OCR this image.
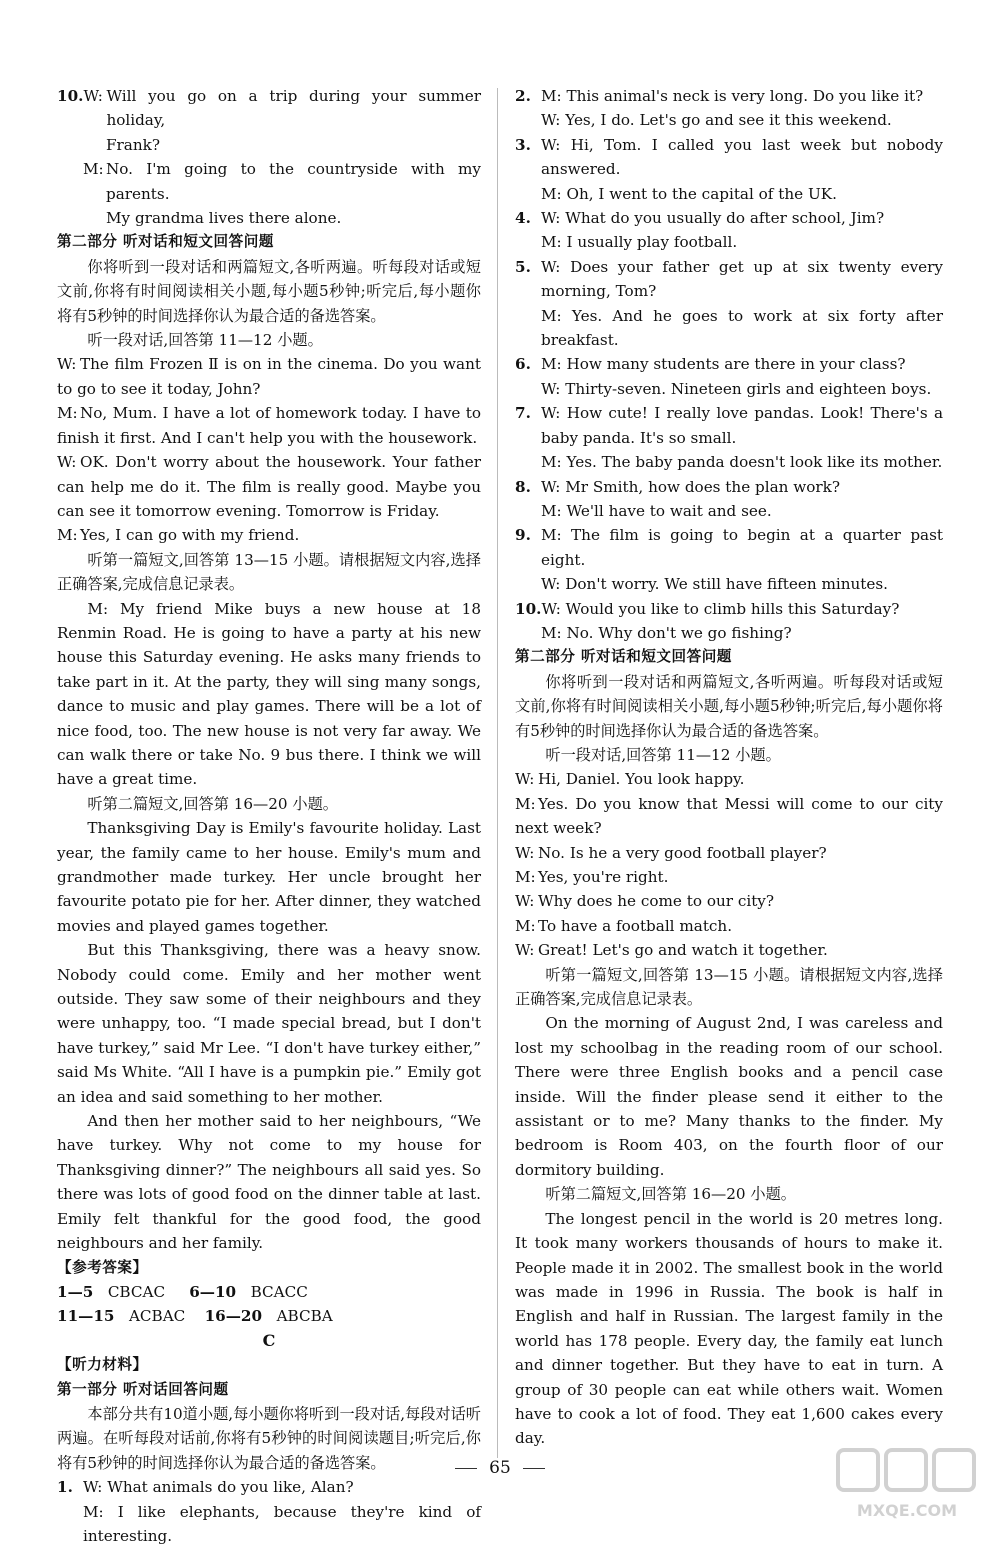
10. W: Will you go on a trip during your summer holiday,
Frank?
M: No. I'm going to the countryside with my parents.
My grandma lives there alone.
第二部分 听对话和短文回答问题
你将听到一段对话和两篇短文,各听两遍。听每段对话或短文前,你将有时间阅读相关小题,每小题5秒钟;听完后,每小题你将有5秒钟的时间选择你认为最合适的备选答案。
听一段对话,回答第 11—12 小题。
W: The film Frozen Ⅱ is on in the cinema. Do you want to go to see it today, John?
M: No, Mum. I have a lot of homework today. I have to finish it first. And I can't help you with the housework.
W: OK. Don't worry about the housework. Your father can help me do it. The film is really good. Maybe you can see it tomorrow evening. Tomorrow is Friday.
M: Yes, I can go with my friend.
听第一篇短文,回答第 13—15 小题。请根据短文内容,选择正确答案,完成信息记录表。
M: My friend Mike buys a new house at 18 Renmin Road. He is going to have a party at his new house this Saturday evening. He asks many friends to take part in it. At the party, they will sing many songs, dance to music and play games. There will be a lot of nice food, too. The new house is not very far away. We can walk there or take No. 9 bus there. I think we will have a great time.
听第二篇短文,回答第 16—20 小题。
Thanksgiving Day is Emily's favourite holiday. Last year, the family came to her house. Emily's mum and grandmother made turkey. Her uncle brought her favourite potato pie for her. After dinner, they watched movies and played games together.
But this Thanksgiving, there was a heavy snow. Nobody could come. Emily and her mother went outside. They saw some of their neighbours and they were unhappy, too. “I made special bread, but I don't have turkey,” said Mr Lee. “I don't have turkey either,” said Ms White. “All I have is a pumpkin pie.” Emily got an idea and said something to her mother.
And then her mother said to her neighbours, “We have turkey. Why not come to my house for Thanksgiving dinner?” The neighbours all said yes. So there was lots of good food on the dinner table at last. Emily felt thankful for the good food, the good neighbours and her family.
【参考答案】
1—5 CBCAC 6—10 BCACC
11—15 ACBAC 16—20 ABCBA
C
【听力材料】
第一部分 听对话回答问题
本部分共有10道小题,每小题你将听到一段对话,每段对话听两遍。在听每段对话前,你将有5秒钟的时间阅读题目;听完后,你将有5秒钟的时间选择你认为最合适的备选答案。
1. W: What animals do you like, Alan?
M: I like elephants, because they're kind of interesting.
2. M: This animal's neck is very long. Do you like it?
W: Yes, I do. Let's go and see it this weekend.
3. W: Hi, Tom. I called you last week but nobody answered.
M: Oh, I went to the capital of the UK.
4. W: What do you usually do after school, Jim?
M: I usually play football.
5. W: Does your father get up at six twenty every morning, Tom?
M: Yes. And he goes to work at six forty after breakfast.
6. M: How many students are there in your class?
W: Thirty-seven. Nineteen girls and eighteen boys.
7. W: How cute! I really love pandas. Look! There's a baby panda. It's so small.
M: Yes. The baby panda doesn't look like its mother.
8. W: Mr Smith, how does the plan work?
M: We'll have to wait and see.
9. M: The film is going to begin at a quarter past eight.
W: Don't worry. We still have fifteen minutes.
10. W: Would you like to climb hills this Saturday?
M: No. Why don't we go fishing?
第二部分 听对话和短文回答问题
你将听到一段对话和两篇短文,各听两遍。听每段对话或短文前,你将有时间阅读相关小题,每小题5秒钟;听完后,每小题你将有5秒钟的时间选择你认为最合适的备选答案。
听一段对话,回答第 11—12 小题。
W: Hi, Daniel. You look happy.
M: Yes. Do you know that Messi will come to our city next week?
W: No. Is he a very good football player?
M: Yes, you're right.
W: Why does he come to our city?
M: To have a football match.
W: Great! Let's go and watch it together.
听第一篇短文,回答第 13—15 小题。请根据短文内容,选择正确答案,完成信息记录表。
On the morning of August 2nd, I was careless and lost my schoolbag in the reading room of our school. There were three English books and a pencil case inside. Will the finder please send it either to the assistant or to me? Many thanks to the finder. My bedroom is Room 403, on the fourth floor of our dormitory building.
听第二篇短文,回答第 16—20 小题。
The longest pencil in the world is 20 metres long. It took many workers thousands of hours to make it. People made it in 2002. The smallest book in the world was made in 1996 in Russia. The book is half in English and half in Russian. The largest family in the world has 178 people. Every day, the family eat lunch and dinner together. But they have to eat in turn. A group of 30 people can eat while others wait. Women have to cook a lot of food. They eat 1,600 cakes every day.
65
MXQE.COM
